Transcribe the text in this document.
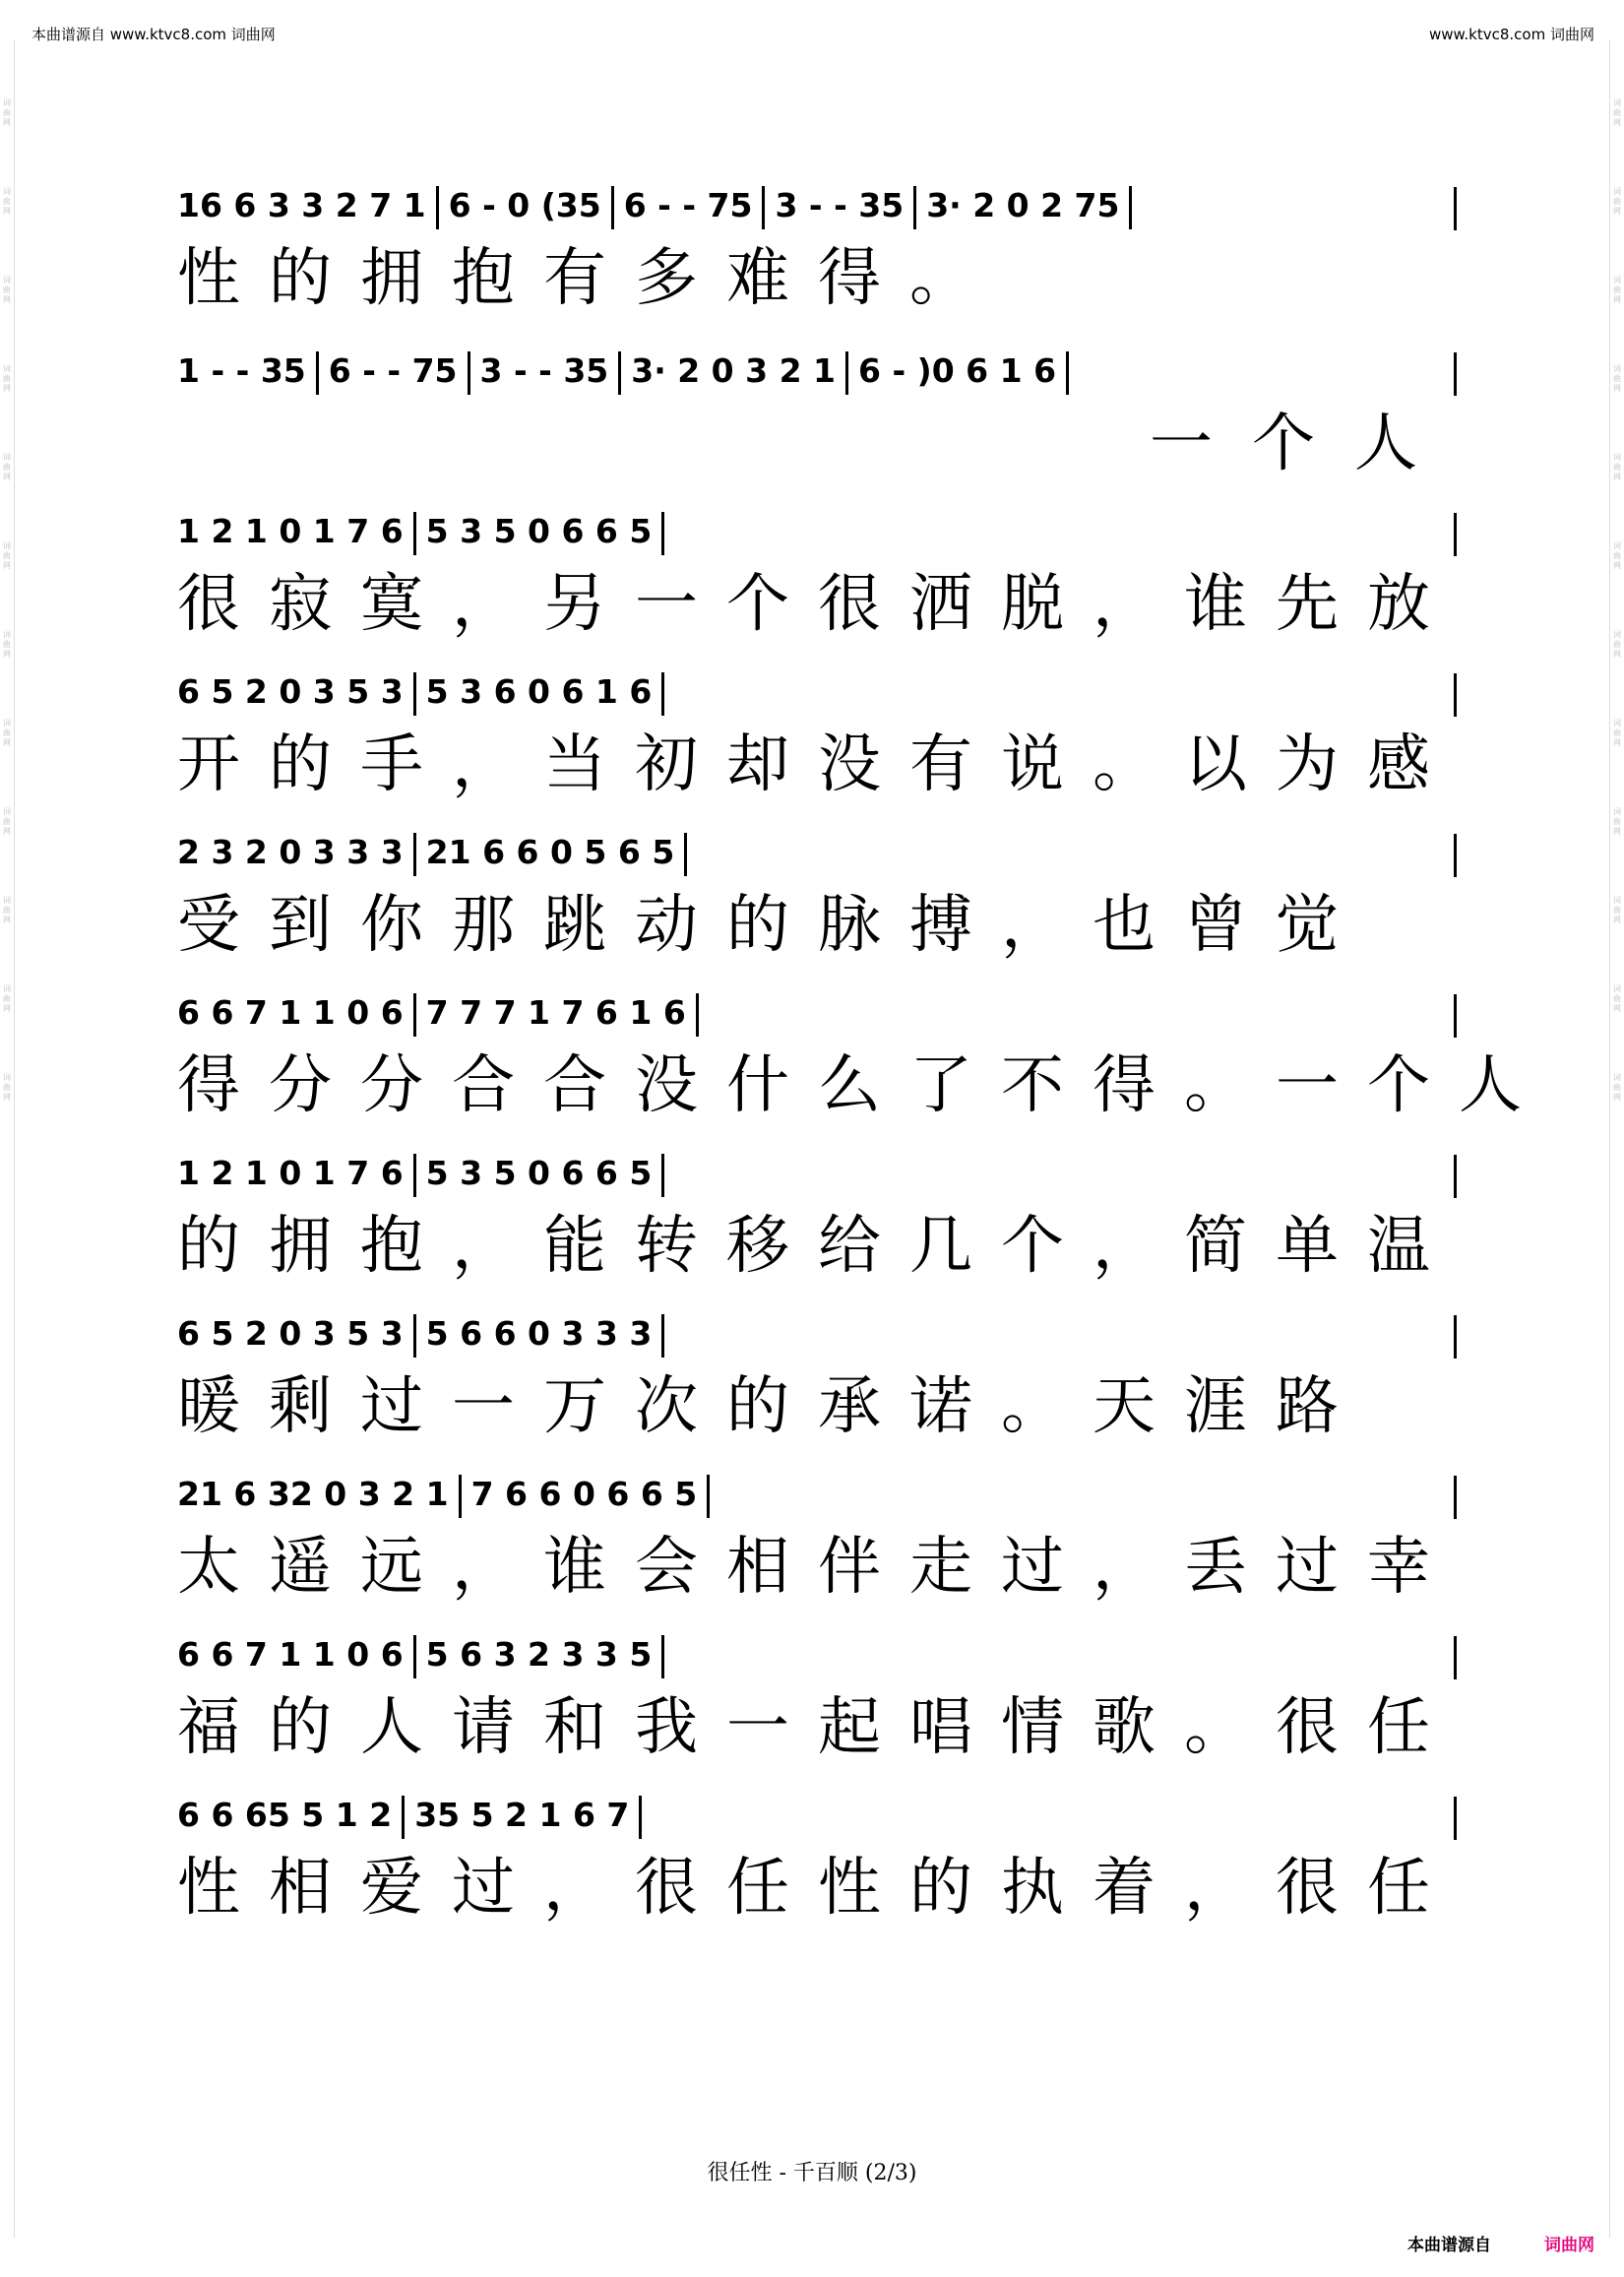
本曲谱源自 www.ktvc8.com 词曲网	www.ktvc8.com 词曲网
词曲网
词曲网
词曲网
词曲网
词曲网
词曲网
词曲网
词曲网
词曲网
词曲网
词曲网
词曲网
词曲网
词曲网
词曲网
词曲网
词曲网
词曲网
词曲网
词曲网
词曲网
词曲网
词曲网
词曲网
16 6 3 3 2 7 16 - 0 (356 - - 753 - - 353· 2 0 2 75
性的拥抱有多难得。
1 - - 356 - - 753 - - 353· 2 0 3 2 16 - )0 6 1 6
一个人
1 2 1 0 1 7 65 3 5 0 6 6 5
很寂寞，另一个很洒脱，谁先放
6 5 2 0 3 5 35 3 6 0 6 1 6
开的手，当初却没有说。以为感
2 3 2 0 3 3 321 6 6 0 5 6 5
受到你那跳动的脉搏，也曾觉
6 6 7 1 1 0 67 7 7 1 7 6 1 6
得分分合合没什么了不得。一个人
1 2 1 0 1 7 65 3 5 0 6 6 5
的拥抱，能转移给几个，简单温
6 5 2 0 3 5 35 6 6 0 3 3 3
暖剩过一万次的承诺。天涯路
21 6 32 0 3 2 17 6 6 0 6 6 5
太遥远，谁会相伴走过，丢过幸
6 6 7 1 1 0 65 6 3 2 3 3 5
福的人请和我一起唱情歌。很任
6 6 65 5 1 235 5 2 1 6 7
性相爱过，很任性的执着，很任
很任性 - 千百顺 (2/3)
本曲谱源自	词曲网
